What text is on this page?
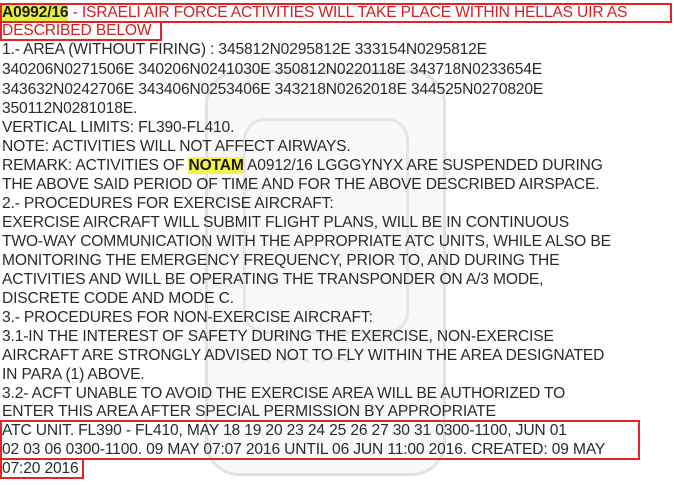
⌒ ⌒ ⌒
A0992/16 - ISRAELI AIR FORCE ACTIVITIES WILL TAKE PLACE WITHIN HELLAS UIR AS
DESCRIBED BELOW
1.- AREA (WITHOUT FIRING) : 345812N0295812E 333154N0295812E
340206N0271506E 340206N0241030E 350812N0220118E 343718N0233654E
343632N0242706E 343406N0253406E 343218N0262018E 344525N0270820E
350112N0281018E.
VERTICAL LIMITS: FL390-FL410.
NOTE: ACTIVITIES WILL NOT AFFECT AIRWAYS.
REMARK: ACTIVITIES OF NOTAM A0912/16 LGGGYNYX ARE SUSPENDED DURING
THE ABOVE SAID PERIOD OF TIME AND FOR THE ABOVE DESCRIBED AIRSPACE.
2.- PROCEDURES FOR EXERCISE AIRCRAFT:
EXERCISE AIRCRAFT WILL SUBMIT FLIGHT PLANS, WILL BE IN CONTINUOUS
TWO-WAY COMMUNICATION WITH THE APPROPRIATE ATC UNITS, WHILE ALSO BE
MONITORING THE EMERGENCY FREQUENCY, PRIOR TO, AND DURING THE
ACTIVITIES AND WILL BE OPERATING THE TRANSPONDER ON A/3 MODE,
DISCRETE CODE AND MODE C.
3.- PROCEDURES FOR NON-EXERCISE AIRCRAFT:
3.1-IN THE INTEREST OF SAFETY DURING THE EXERCISE, NON-EXERCISE
AIRCRAFT ARE STRONGLY ADVISED NOT TO FLY WITHIN THE AREA DESIGNATED
IN PARA (1) ABOVE.
3.2- ACFT UNABLE TO AVOID THE EXERCISE AREA WILL BE AUTHORIZED TO
ENTER THIS AREA AFTER SPECIAL PERMISSION BY APPROPRIATE
ATC UNIT. FL390 - FL410, MAY 18 19 20 23 24 25 26 27 30 31 0300-1100, JUN 01
02 03 06 0300-1100. 09 MAY 07:07 2016 UNTIL 06 JUN 11:00 2016. CREATED: 09 MAY
07:20 2016
